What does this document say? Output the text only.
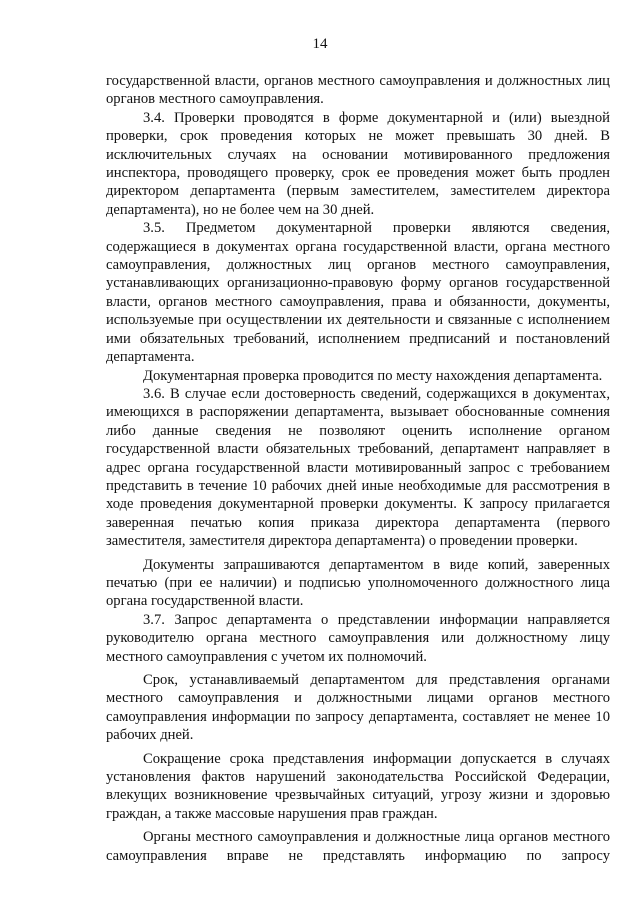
14

государственной власти, органов местного самоуправления и должностных лиц органов местного самоуправления.

3.4. Проверки проводятся в форме документарной и (или) выездной проверки, срок проведения которых не может превышать 30 дней. В исключительных случаях на основании мотивированного предложения инспектора, проводящего проверку, срок ее проведения может быть продлен директором департамента (первым заместителем, заместителем директора департамента), но не более чем на 30 дней.

3.5. Предметом документарной проверки являются сведения, содержащиеся в документах органа государственной власти, органа местного самоуправления, должностных лиц органов местного самоуправления, устанавливающих организационно-правовую форму органов государственной власти, органов местного самоуправления, права и обязанности, документы, используемые при осуществлении их деятельности и связанные с исполнением ими обязательных требований, исполнением предписаний и постановлений департамента.

Документарная проверка проводится по месту нахождения департамента.

3.6. В случае если достоверность сведений, содержащихся в документах, имеющихся в распоряжении департамента, вызывает обоснованные сомнения либо данные сведения не позволяют оценить исполнение органом государственной власти обязательных требований, департамент направляет в адрес органа государственной власти мотивированный запрос с требованием представить в течение 10 рабочих дней иные необходимые для рассмотрения в ходе проведения документарной проверки документы. К запросу прилагается заверенная печатью копия приказа директора департамента (первого заместителя, заместителя директора департамента) о проведении проверки.

Документы запрашиваются департаментом в виде копий, заверенных печатью (при ее наличии) и подписью уполномоченного должностного лица органа государственной власти.

3.7. Запрос департамента о представлении информации направляется руководителю органа местного самоуправления или должностному лицу местного самоуправления с учетом их полномочий.

Срок, устанавливаемый департаментом для представления органами местного самоуправления и должностными лицами органов местного самоуправления информации по запросу департамента, составляет не менее 10 рабочих дней.

Сокращение срока представления информации допускается в случаях установления фактов нарушений законодательства Российской Федерации, влекущих возникновение чрезвычайных ситуаций, угрозу жизни и здоровью граждан, а также массовые нарушения прав граждан.

Органы местного самоуправления и должностные лица органов местного самоуправления вправе не представлять информацию по запросу
